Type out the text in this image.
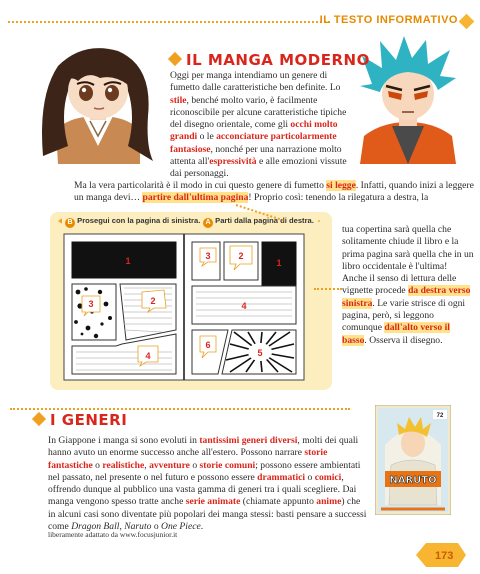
IL TESTO INFORMATIVO
IL MANGA MODERNO
Oggi per manga intendiamo un genere di fumetto dalle caratteristiche ben definite. Lo stile, benché molto vario, è facilmente riconoscibile per alcune caratteristiche tipiche del disegno orientale, come gli occhi molto grandi o le acconciature particolarmente fantasiose, nonché per una narrazione molto attenta all'espressività e alle emozioni vissute dai personaggi.
Ma la vera particolarità è il modo in cui questo genere di fumetto si legge. Infatti, quando inizi a leggere un manga devi… partire dall'ultima pagina! Proprio così: tenendo la rilegatura a destra, la
B Prosegui con la pagina di sinistra. A Parti dalla pagina di destra.
1
2
3
4
1
2
3
4
5
6
tua copertina sarà quella che solitamente chiude il libro e la prima pagina sarà quella che in un libro occidentale è l'ultima! Anche il senso di lettura delle vignette procede da destra verso sinistra. Le varie strisce di ogni pagina, però, si leggono comunque dall'alto verso il basso. Osserva il disegno.
I GENERI
In Giappone i manga si sono evoluti in tantissimi generi diversi, molti dei quali hanno avuto un enorme successo anche all'estero. Possono narrare storie fantastiche o realistiche, avventure o storie comuni; possono essere ambientati nel passato, nel presente o nel futuro e possono essere drammatici o comici, offrendo dunque al pubblico una vasta gamma di generi tra i quali scegliere. Dai manga vengono spesso tratte anche serie animate (chiamate appunto anime) che in alcuni casi sono diventate più popolari dei manga stessi: basti pensare a successi come Dragon Ball, Naruto o One Piece.
liberamente adattato da www.focusjunior.it
NARUTO
72
173
